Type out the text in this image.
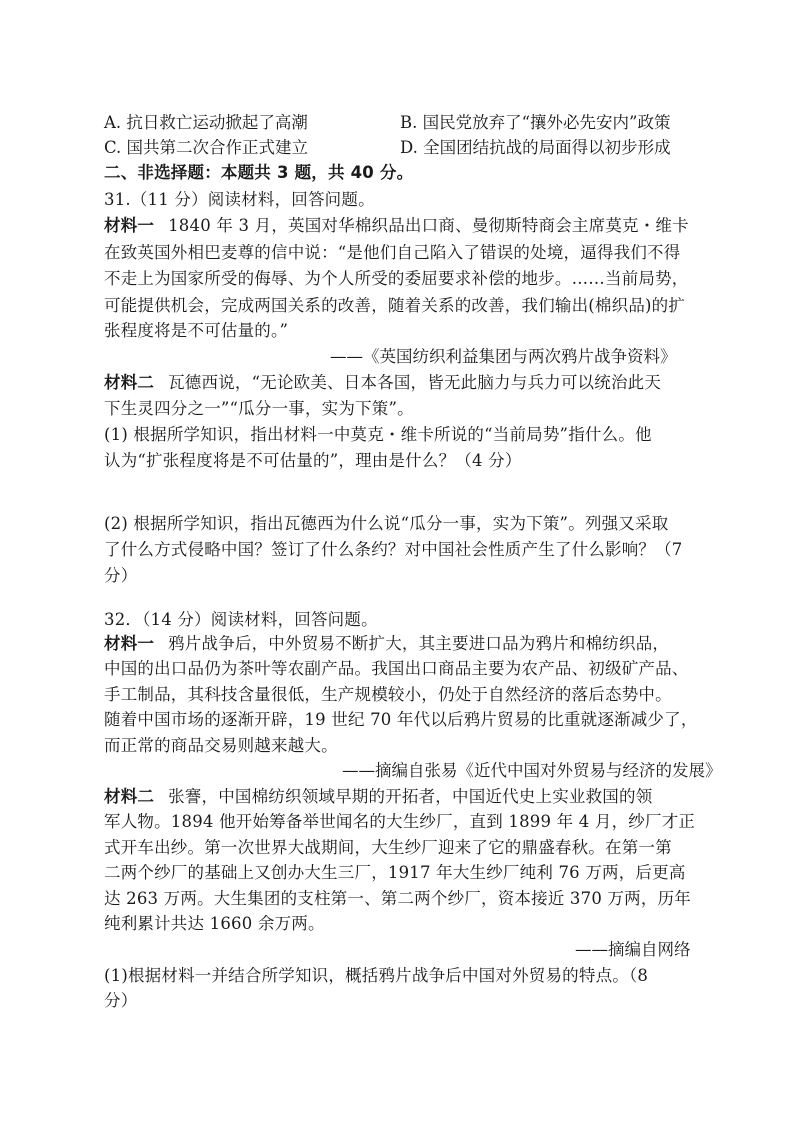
A. 抗日救亡运动掀起了高潮	B. 国民党放弃了“攘外必先安内”政策
C. 国共第二次合作正式建立	D. 全国团结抗战的局面得以初步形成
二、非选择题：本题共 3 题，共 40 分。
31.（11 分）阅读材料，回答问题。
材料一 1840 年 3 月，英国对华棉织品出口商、曼彻斯特商会主席莫克・维卡
在致英国外相巴麦尊的信中说：“是他们自己陷入了错误的处境，逼得我们不得
不走上为国家所受的侮辱、为个人所受的委屈要求补偿的地步。……当前局势，
可能提供机会，完成两国关系的改善，随着关系的改善，我们输出(棉织品)的扩
张程度将是不可估量的。”
——《英国纺织利益集团与两次鸦片战争资料》
材料二 瓦德西说，“无论欧美、日本各国，皆无此脑力与兵力可以统治此天
下生灵四分之一”“瓜分一事，实为下策”。
(1) 根据所学知识，指出材料一中莫克・维卡所说的“当前局势”指什么。他
认为“扩张程度将是不可估量的”，理由是什么？（4 分）
(2) 根据所学知识，指出瓦德西为什么说“瓜分一事，实为下策”。列强又采取
了什么方式侵略中国？签订了什么条约？对中国社会性质产生了什么影响？（7
分）
32．（14 分）阅读材料，回答问题。
材料一 鸦片战争后，中外贸易不断扩大，其主要进口品为鸦片和棉纺织品，
中国的出口品仍为茶叶等农副产品。我国出口商品主要为农产品、初级矿产品、
手工制品，其科技含量很低，生产规模较小，仍处于自然经济的落后态势中。
随着中国市场的逐渐开辟，19 世纪 70 年代以后鸦片贸易的比重就逐渐减少了，
而正常的商品交易则越来越大。
——摘编自张易《近代中国对外贸易与经济的发展》
材料二 张謇，中国棉纺织领域早期的开拓者，中国近代史上实业救国的领
军人物。1894 他开始筹备举世闻名的大生纱厂，直到 1899 年 4 月，纱厂才正
式开车出纱。第一次世界大战期间，大生纱厂迎来了它的鼎盛春秋。在第一第
二两个纱厂的基础上又创办大生三厂，1917 年大生纱厂纯利 76 万两，后更高
达 263 万两。大生集团的支柱第一、第二两个纱厂，资本接近 370 万两，历年
纯利累计共达 1660 余万两。
——摘编自网络
(1)根据材料一并结合所学知识，概括鸦片战争后中国对外贸易的特点。（8
分）
